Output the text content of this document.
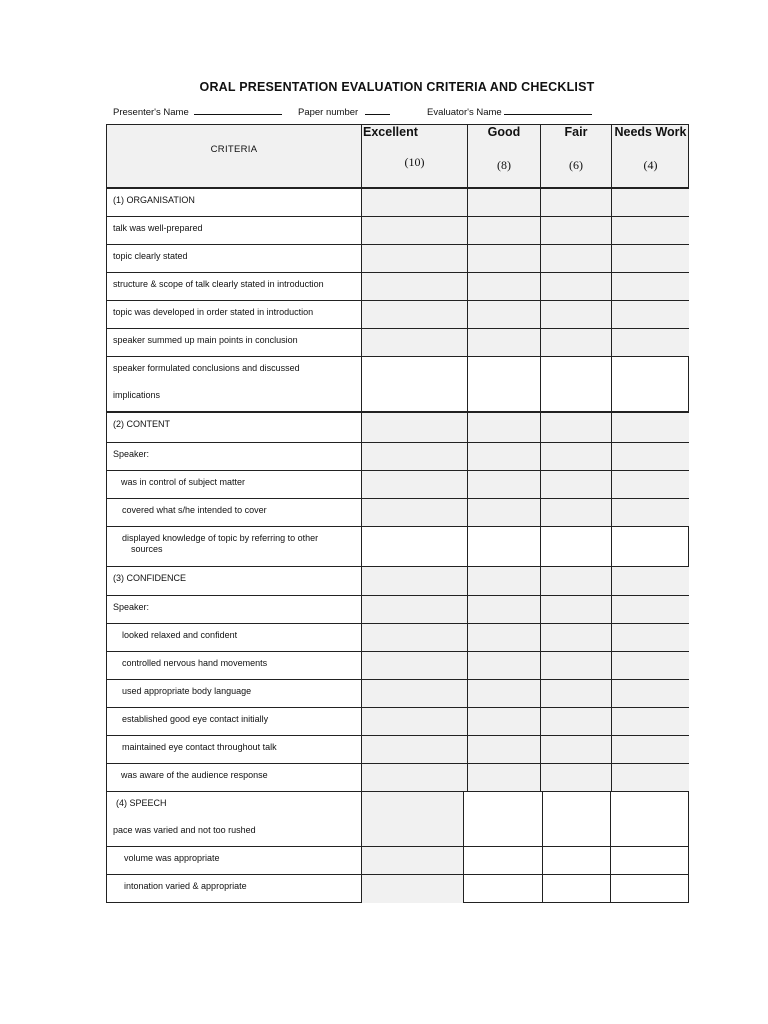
ORAL PRESENTATION EVALUATION CRITERIA AND CHECKLIST
Presenter's Name	Paper number	Evaluator's Name
CRITERIA
Excellent
(10)
Good
(8)
Fair
(6)
Needs Work
(4)
(1) ORGANISATION
talk was well-prepared
topic clearly stated
structure & scope of talk clearly stated in introduction
topic was developed in order stated in introduction
speaker summed up main points in conclusion
speaker formulated conclusions and discussed
implications
(2) CONTENT
Speaker:
was in control of subject matter
covered what s/he intended to cover
displayed knowledge of topic by referring to other
sources
(3) CONFIDENCE
Speaker:
looked relaxed and confident
controlled nervous hand movements
used appropriate body language
established good eye contact initially
maintained eye contact throughout talk
was aware of the audience response
(4) SPEECH
pace was varied and not too rushed
volume was appropriate
intonation varied & appropriate
